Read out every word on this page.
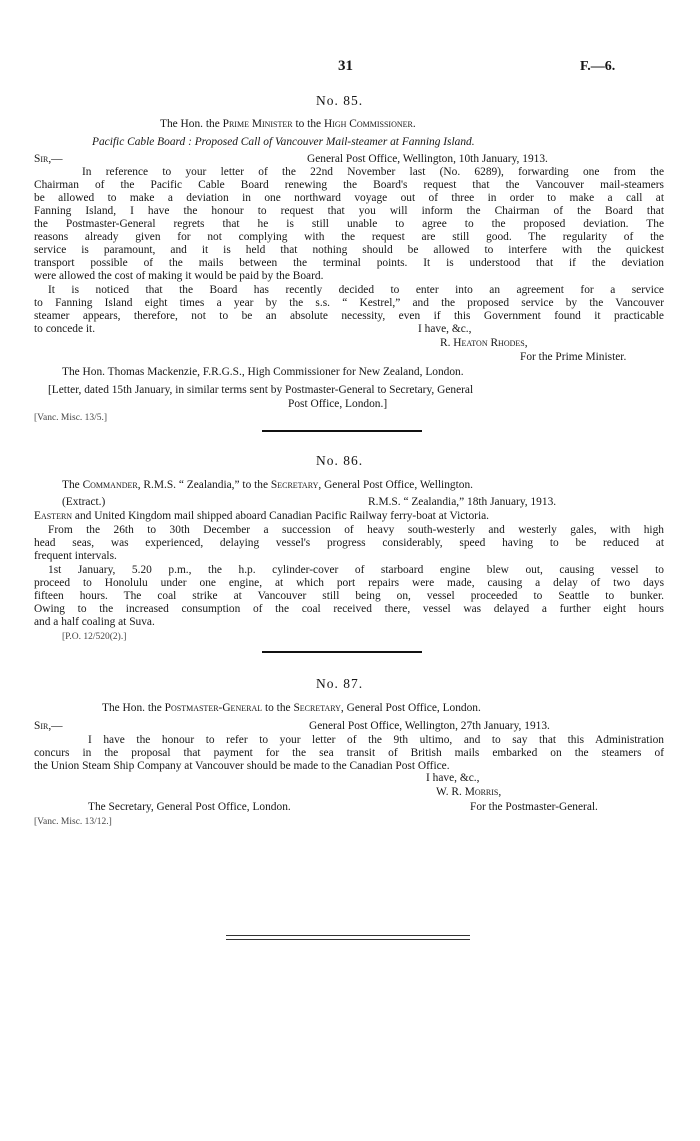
31	F.—6.
No. 85.
The Hon. the Prime Minister to the High Commissioner.
Pacific Cable Board : Proposed Call of Vancouver Mail-steamer at Fanning Island.
Sir,—	General Post Office, Wellington, 10th January, 1913.
In reference to your letter of the 22nd November last (No. 6289), forwarding one from the
Chairman of the Pacific Cable Board renewing the Board's request that the Vancouver mail-steamers
be allowed to make a deviation in one northward voyage out of three in order to make a call at
Fanning Island, I have the honour to request that you will inform the Chairman of the Board that
the Postmaster-General regrets that he is still unable to agree to the proposed deviation. The
reasons already given for not complying with the request are still good. The regularity of the
service is paramount, and it is held that nothing should be allowed to interfere with the quickest
transport possible of the mails between the terminal points. It is understood that if the deviation
were allowed the cost of making it would be paid by the Board.
It is noticed that the Board has recently decided to enter into an agreement for a service
to Fanning Island eight times a year by the s.s. “ Kestrel,” and the proposed service by the Vancouver
steamer appears, therefore, not to be an absolute necessity, even if this Government found it practicable
to concede it.	I have, &c.,
R. Heaton Rhodes,
For the Prime Minister.
The Hon. Thomas Mackenzie, F.R.G.S., High Commissioner for New Zealand, London.
[Letter, dated 15th January, in similar terms sent by Postmaster-General to Secretary, General
Post Office, London.]
[Vanc. Misc. 13/5.]
No. 86.
The Commander, R.M.S. “ Zealandia,” to the Secretary, General Post Office, Wellington.
(Extract.)	R.M.S. “ Zealandia,” 18th January, 1913.
Eastern and United Kingdom mail shipped aboard Canadian Pacific Railway ferry-boat at Victoria.
From the 26th to 30th December a succession of heavy south-westerly and westerly gales, with high
head seas, was experienced, delaying vessel's progress considerably, speed having to be reduced at
frequent intervals.
1st January, 5.20 p.m., the h.p. cylinder-cover of starboard engine blew out, causing vessel to
proceed to Honolulu under one engine, at which port repairs were made, causing a delay of two days
fifteen hours. The coal strike at Vancouver still being on, vessel proceeded to Seattle to bunker.
Owing to the increased consumption of the coal received there, vessel was delayed a further eight hours
and a half coaling at Suva.
[P.O. 12/520(2).]
No. 87.
The Hon. the Postmaster-General to the Secretary, General Post Office, London.
Sir,—	General Post Office, Wellington, 27th January, 1913.
I have the honour to refer to your letter of the 9th ultimo, and to say that this Administration
concurs in the proposal that payment for the sea transit of British mails embarked on the steamers of
the Union Steam Ship Company at Vancouver should be made to the Canadian Post Office.
I have, &c.,
W. R. Morris,
The Secretary, General Post Office, London.	For the Postmaster-General.
[Vanc. Misc. 13/12.]
